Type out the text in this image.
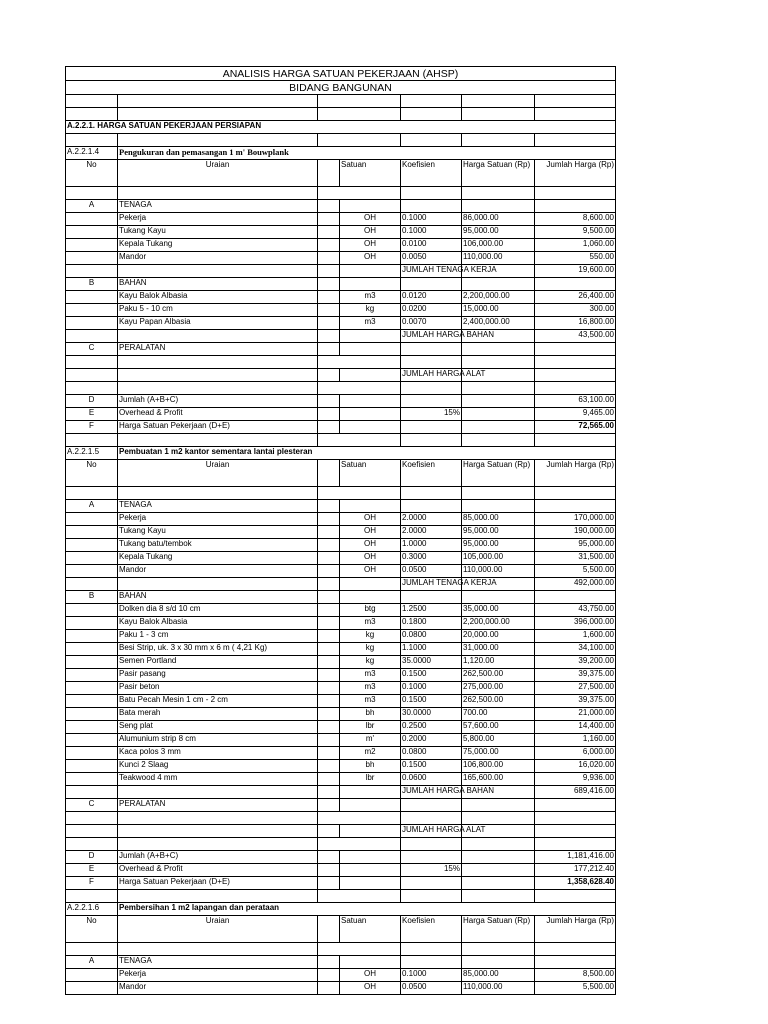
ANALISIS HARGA SATUAN PEKERJAAN (AHSP)							
BIDANG BANGUNAN							

A.2.2.1. HARGA SATUAN PEKERJAAN PERSIAPAN							

A.2.2.1.4	Pengukuran dan pemasangan 1 m' Bouwplank						
No	Uraian		Satuan	Koefisien	Harga Satuan (Rp)	Jumlah Harga (Rp)	

A	TENAGA						
	Pekerja		OH	0.1000	86,000.00	8,600.00	
	Tukang Kayu		OH	0.1000	95,000.00	9,500.00	
	Kepala Tukang		OH	0.0100	106,000.00	1,060.00	
	Mandor		OH	0.0050	110,000.00	550.00	
				JUMLAH TENAGA KERJA		19,600.00	
B	BAHAN						
	Kayu Balok Albasia		m3	0.0120	2,200,000.00	26,400.00	
	Paku 5 - 10 cm		kg	0.0200	15,000.00	300.00	
	Kayu Papan Albasia		m3	0.0070	2,400,000.00	16,800.00	
				JUMLAH HARGA BAHAN		43,500.00	
C	PERALATAN						

				JUMLAH HARGA ALAT			

D	Jumlah (A+B+C)					63,100.00	
E	Overhead & Profit			15%		9,465.00	
F	Harga Satuan Pekerjaan (D+E)					72,565.00	

A.2.2.1.5	Pembuatan 1 m2 kantor sementara lantai plesteran						
No	Uraian		Satuan	Koefisien	Harga Satuan (Rp)	Jumlah Harga (Rp)	

A	TENAGA						
	Pekerja		OH	2.0000	85,000.00	170,000.00	
	Tukang Kayu		OH	2.0000	95,000.00	190,000.00	
	Tukang batu/tembok		OH	1.0000	95,000.00	95,000.00	
	Kepala Tukang		OH	0.3000	105,000.00	31,500.00	
	Mandor		OH	0.0500	110,000.00	5,500.00	
				JUMLAH TENAGA KERJA		492,000.00	
B	BAHAN						
	Dolken dia 8 s/d 10 cm		btg	1.2500	35,000.00	43,750.00	
	Kayu Balok Albasia		m3	0.1800	2,200,000.00	396,000.00	
	Paku 1 - 3 cm		kg	0.0800	20,000.00	1,600.00	
	Besi Strip, uk. 3 x 30 mm x 6 m ( 4,21 Kg)		kg	1.1000	31,000.00	34,100.00	
	Semen Portland		kg	35.0000	1,120.00	39,200.00	
	Pasir pasang		m3	0.1500	262,500.00	39,375.00	
	Pasir beton		m3	0.1000	275,000.00	27,500.00	
	Batu Pecah Mesin 1 cm - 2 cm		m3	0.1500	262,500.00	39,375.00	
	Bata merah		bh	30.0000	700.00	21,000.00	
	Seng plat		lbr	0.2500	57,600.00	14,400.00	
	Alumunium strip 8 cm		m'	0.2000	5,800.00	1,160.00	
	Kaca polos 3 mm		m2	0.0800	75,000.00	6,000.00	
	Kunci 2 Slaag		bh	0.1500	106,800.00	16,020.00	
	Teakwood 4 mm		lbr	0.0600	165,600.00	9,936.00	
				JUMLAH HARGA BAHAN		689,416.00	
C	PERALATAN						

				JUMLAH HARGA ALAT			

D	Jumlah (A+B+C)					1,181,416.00	
E	Overhead & Profit			15%		177,212.40	
F	Harga Satuan Pekerjaan (D+E)					1,358,628.40	

A.2.2.1.6	Pembersihan 1 m2 lapangan dan perataan						
No	Uraian		Satuan	Koefisien	Harga Satuan (Rp)	Jumlah Harga (Rp)	

A	TENAGA						
	Pekerja		OH	0.1000	85,000.00	8,500.00	
	Mandor		OH	0.0500	110,000.00	5,500.00	
